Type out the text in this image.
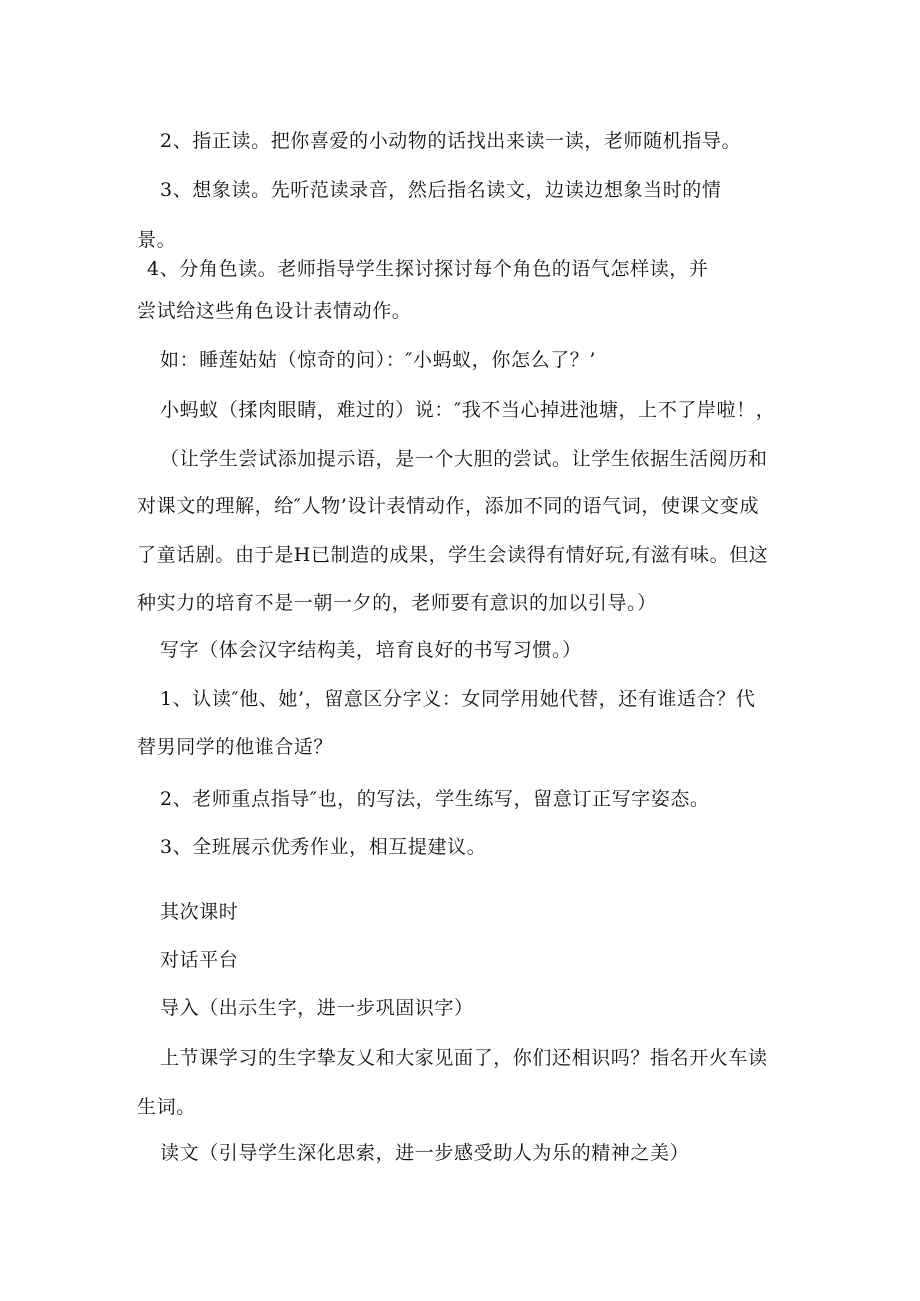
2、指正读。把你喜爱的小动物的话找出来读一读，老师随机指导。
3、想象读。先听范读录音，然后指名读文，边读边想象当时的情
景。
4、分角色读。老师指导学生探讨探讨每个角色的语气怎样读，并
尝试给这些角色设计表情动作。
如：睡莲姑姑（惊奇的问）：″小蚂蚁，你怎么了？’
小蚂蚁（揉肉眼睛，难过的）说：″我不当心掉进池塘，上不了岸啦！，
（让学生尝试添加提示语，是一个大胆的尝试。让学生依据生活阅历和
对课文的理解，给″人物’设计表情动作，添加不同的语气词，使课文变成
了童话剧。由于是H已制造的成果，学生会读得有情好玩,有滋有味。但这
种实力的培育不是一朝一夕的，老师要有意识的加以引导。）
写字（体会汉字结构美，培育良好的书写习惯。）
1、认读″他、她’，留意区分字义：女同学用她代替，还有谁适合？代
替男同学的他谁合适？
2、老师重点指导″也，的写法，学生练写，留意订正写字姿态。
3、全班展示优秀作业，相互提建议。
其次课时
对话平台
导入（出示生字，进一步巩固识字）
上节课学习的生字挚友乂和大家见面了，你们还相识吗？指名开火车读
生词。
读文（引导学生深化思索，进一步感受助人为乐的精神之美）
